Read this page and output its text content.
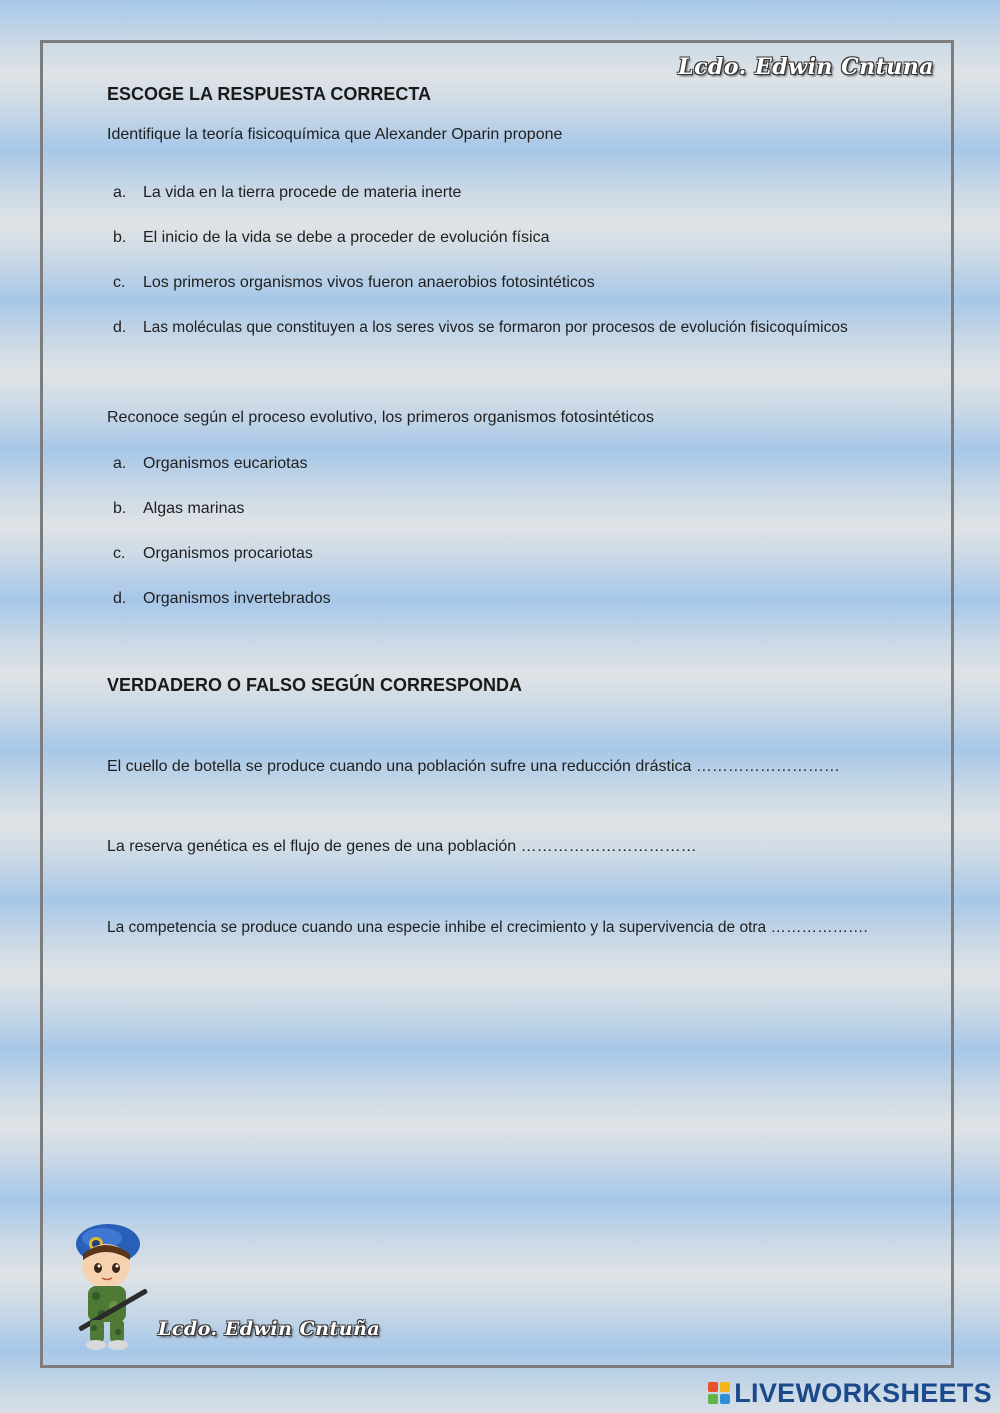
Lcdo. Edwin Cntuna
ESCOGE LA RESPUESTA CORRECTA

Identifique la teoría fisicoquímica que Alexander Oparin propone

a. La vida en la tierra procede de materia inerte
b. El inicio de la vida se debe a proceder de evolución física
c. Los primeros organismos vivos fueron anaerobios fotosintéticos
d. Las moléculas que constituyen a los seres vivos se formaron por procesos de evolución fisicoquímicos

Reconoce según el proceso evolutivo, los primeros organismos fotosintéticos

a. Organismos eucariotas
b. Algas marinas
c. Organismos procariotas
d. Organismos invertebrados
VERDADERO O FALSO SEGÚN CORRESPONDA

El cuello de botella se produce cuando una población sufre una reducción drástica ………………………

La reserva genética es el flujo de genes de una población ……………………………

La competencia se produce cuando una especie inhibe el crecimiento y la supervivencia de otra ……………….

Lcdo. Edwin Cntuña
LIVEWORKSHEETS
